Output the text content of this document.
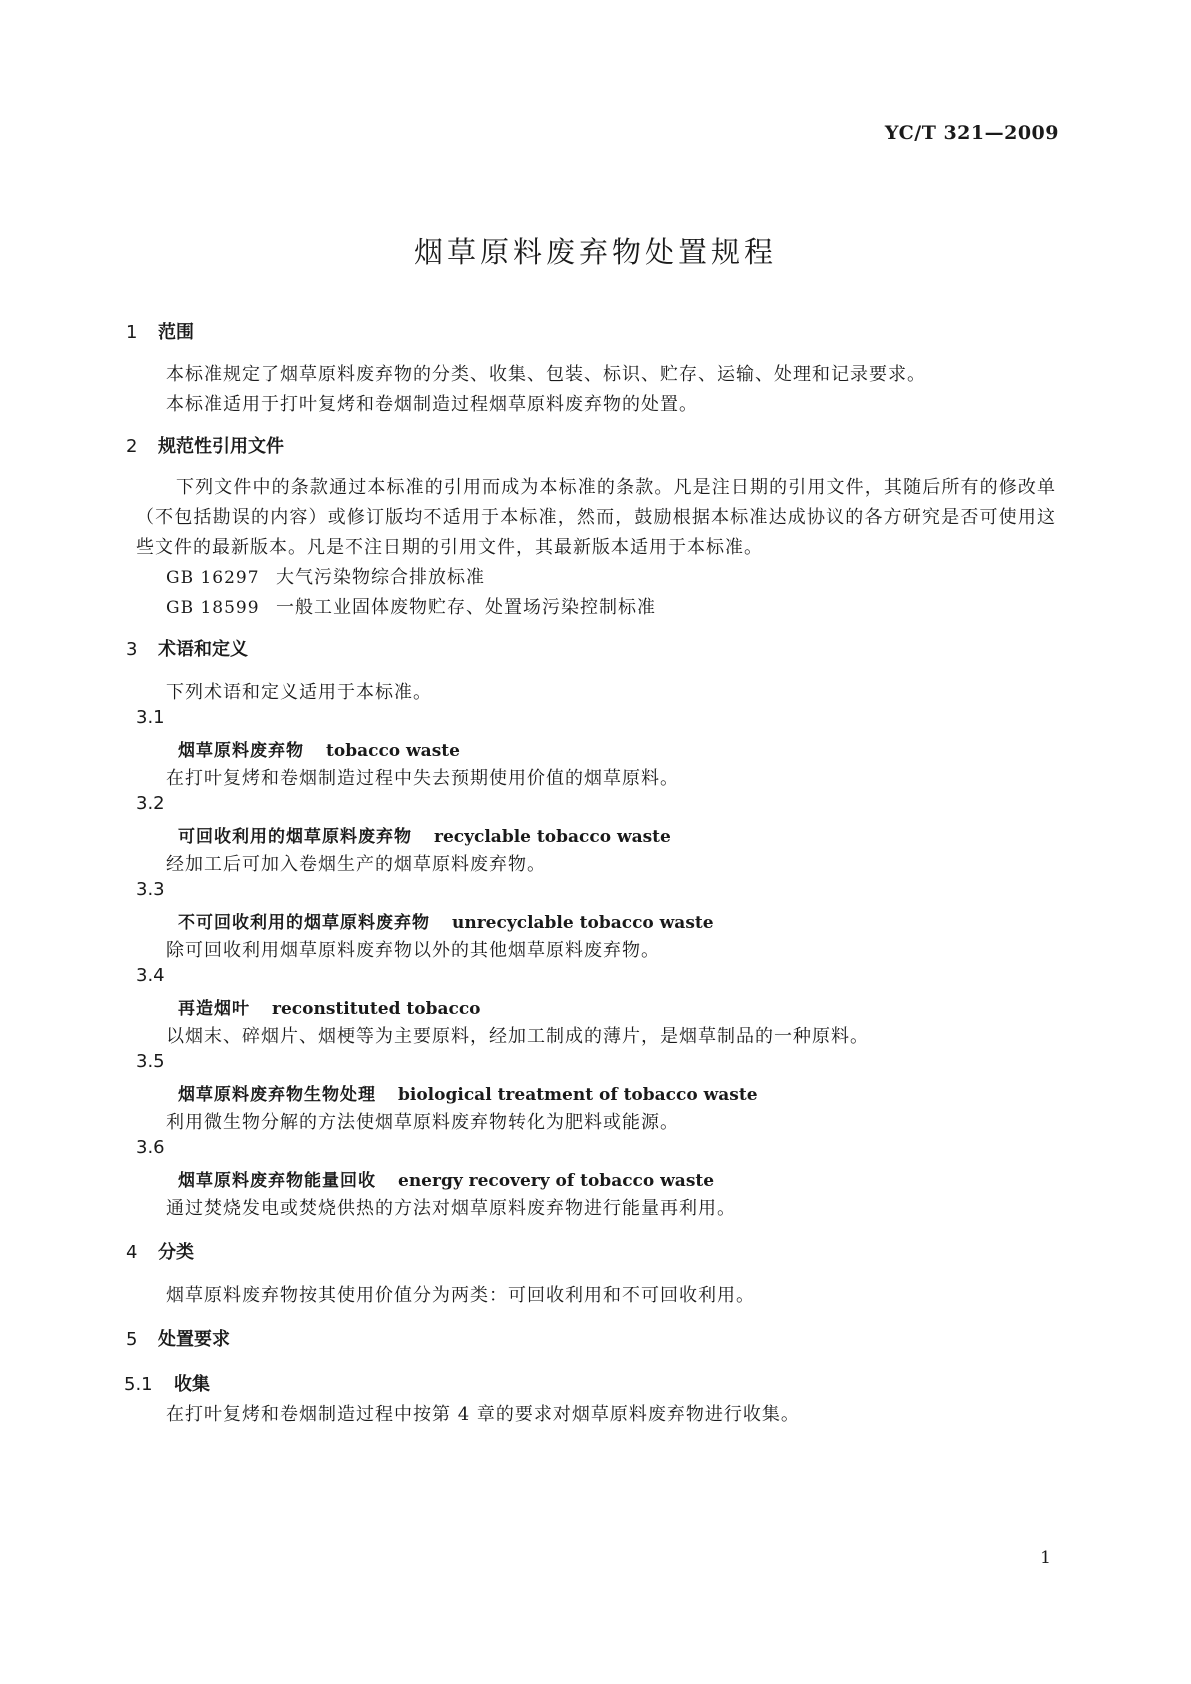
YC/T 321—2009
烟草原料废弃物处置规程
1 范围
本标准规定了烟草原料废弃物的分类、收集、包装、标识、贮存、运输、处理和记录要求。
本标准适用于打叶复烤和卷烟制造过程烟草原料废弃物的处置。
2 规范性引用文件
下列文件中的条款通过本标准的引用而成为本标准的条款。凡是注日期的引用文件，其随后所有的修改单（不包括勘误的内容）或修订版均不适用于本标准，然而，鼓励根据本标准达成协议的各方研究是否可使用这些文件的最新版本。凡是不注日期的引用文件，其最新版本适用于本标准。
GB 16297 大气污染物综合排放标准
GB 18599 一般工业固体废物贮存、处置场污染控制标准
3 术语和定义
下列术语和定义适用于本标准。
3.1
烟草原料废弃物 tobacco waste
在打叶复烤和卷烟制造过程中失去预期使用价值的烟草原料。
3.2
可回收利用的烟草原料废弃物 recyclable tobacco waste
经加工后可加入卷烟生产的烟草原料废弃物。
3.3
不可回收利用的烟草原料废弃物 unrecyclable tobacco waste
除可回收利用烟草原料废弃物以外的其他烟草原料废弃物。
3.4
再造烟叶 reconstituted tobacco
以烟末、碎烟片、烟梗等为主要原料，经加工制成的薄片，是烟草制品的一种原料。
3.5
烟草原料废弃物生物处理 biological treatment of tobacco waste
利用微生物分解的方法使烟草原料废弃物转化为肥料或能源。
3.6
烟草原料废弃物能量回收 energy recovery of tobacco waste
通过焚烧发电或焚烧供热的方法对烟草原料废弃物进行能量再利用。
4 分类
烟草原料废弃物按其使用价值分为两类：可回收利用和不可回收利用。
5 处置要求
5.1 收集
在打叶复烤和卷烟制造过程中按第 4 章的要求对烟草原料废弃物进行收集。
1
